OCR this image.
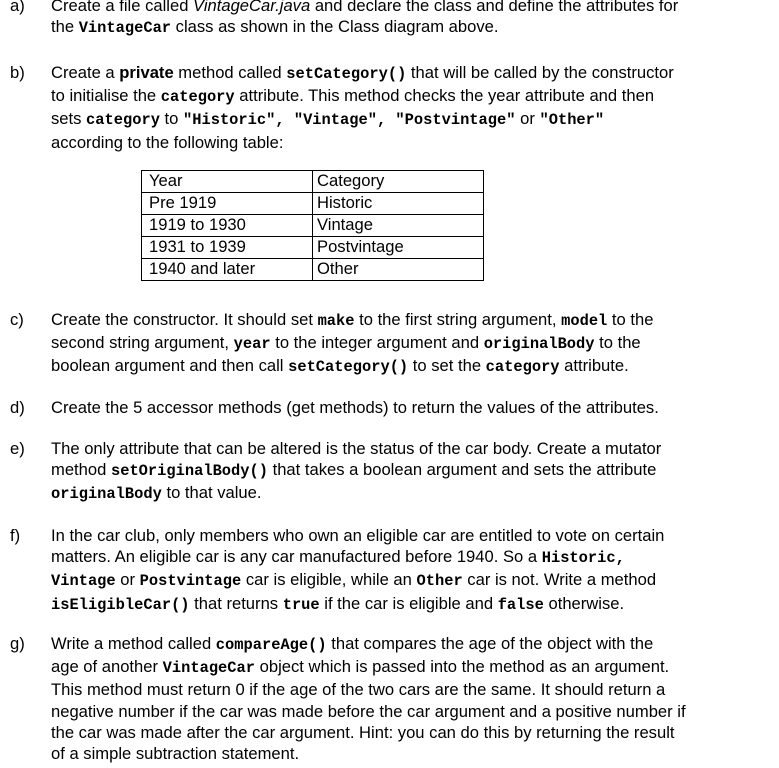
a)	Create a file called VintageCar.java and declare the class and define the attributes for
the VintageCar class as shown in the Class diagram above.
b)	Create a private method called setCategory() that will be called by the constructor
to initialise the category attribute. This method checks the year attribute and then
sets category to "Historic", "Vintage", "Postvintage" or "Other"
according to the following table:
Year	Category
Pre 1919	Historic
1919 to 1930	Vintage
1931 to 1939	Postvintage
1940 and later	Other
c)	Create the constructor. It should set make to the first string argument, model to the
second string argument, year to the integer argument and originalBody to the
boolean argument and then call setCategory() to set the category attribute.
d)	Create the 5 accessor methods (get methods) to return the values of the attributes.
e)	The only attribute that can be altered is the status of the car body. Create a mutator
method setOriginalBody() that takes a boolean argument and sets the attribute
originalBody to that value.
f)	In the car club, only members who own an eligible car are entitled to vote on certain
matters. An eligible car is any car manufactured before 1940. So a Historic,
Vintage or Postvintage car is eligible, while an Other car is not. Write a method
isEligibleCar() that returns true if the car is eligible and false otherwise.
g)	Write a method called compareAge() that compares the age of the object with the
age of another VintageCar object which is passed into the method as an argument.
This method must return 0 if the age of the two cars are the same. It should return a
negative number if the car was made before the car argument and a positive number if
the car was made after the car argument. Hint: you can do this by returning the result
of a simple subtraction statement.
